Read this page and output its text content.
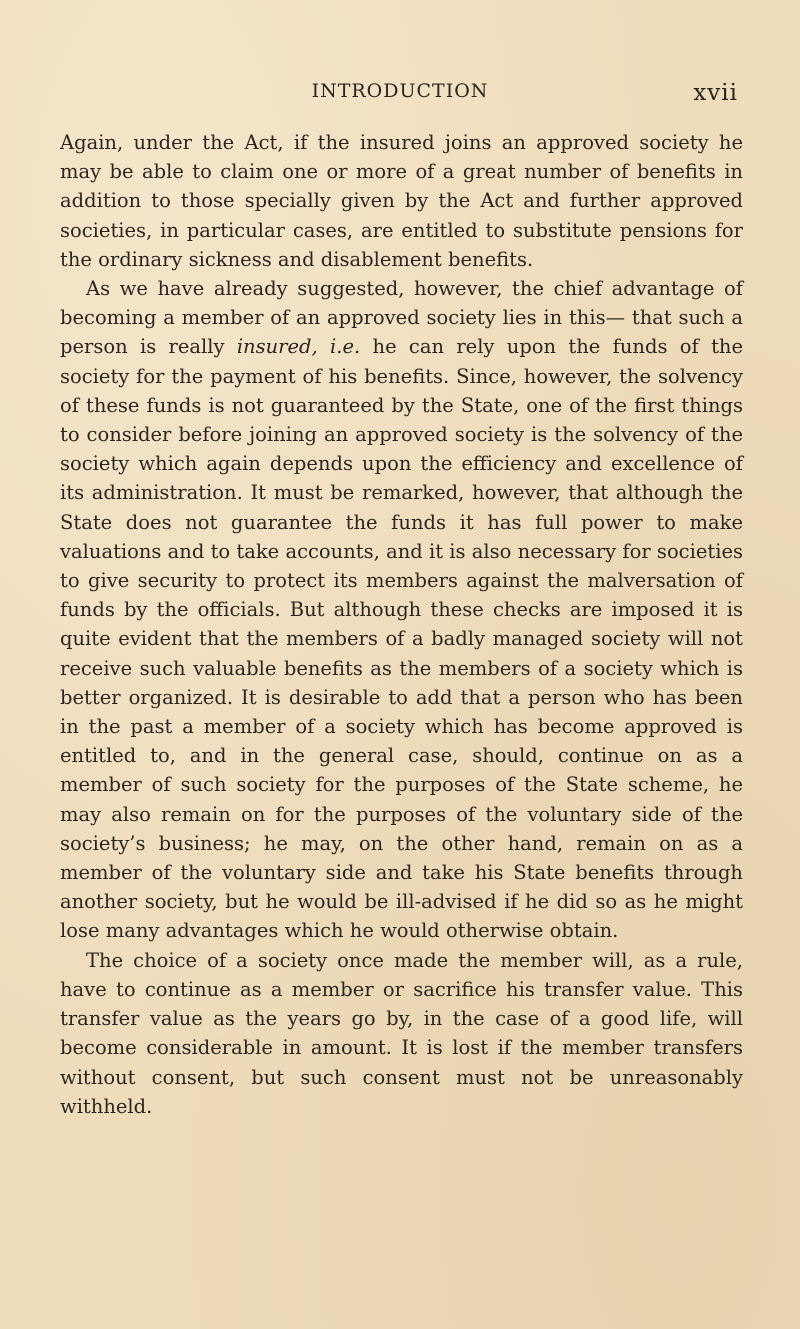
INTRODUCTION	xvii

Again, under the Act, if the insured joins an approved society he may be able to claim one or more of a great number of benefits in addition to those specially given by the Act and further approved societies, in particular cases, are entitled to substitute pensions for the ordinary sickness and disablement benefits.

As we have already suggested, however, the chief advantage of becoming a member of an approved society lies in this— that such a person is really insured, i.e. he can rely upon the funds of the society for the payment of his benefits. Since, however, the solvency of these funds is not guaranteed by the State, one of the first things to consider before joining an approved society is the solvency of the society which again depends upon the efficiency and excellence of its administration. It must be remarked, however, that although the State does not guarantee the funds it has full power to make valuations and to take accounts, and it is also necessary for societies to give security to protect its members against the malversation of funds by the officials. But although these checks are imposed it is quite evident that the members of a badly managed society will not receive such valuable benefits as the members of a society which is better organized. It is desirable to add that a person who has been in the past a member of a society which has become approved is entitled to, and in the general case, should, continue on as a member of such society for the purposes of the State scheme, he may also remain on for the purposes of the voluntary side of the society’s business; he may, on the other hand, remain on as a member of the voluntary side and take his State benefits through another society, but he would be ill-advised if he did so as he might lose many advantages which he would otherwise obtain.

The choice of a society once made the member will, as a rule, have to continue as a member or sacrifice his transfer value. This transfer value as the years go by, in the case of a good life, will become considerable in amount. It is lost if the member transfers without consent, but such consent must not be unreasonably withheld.
